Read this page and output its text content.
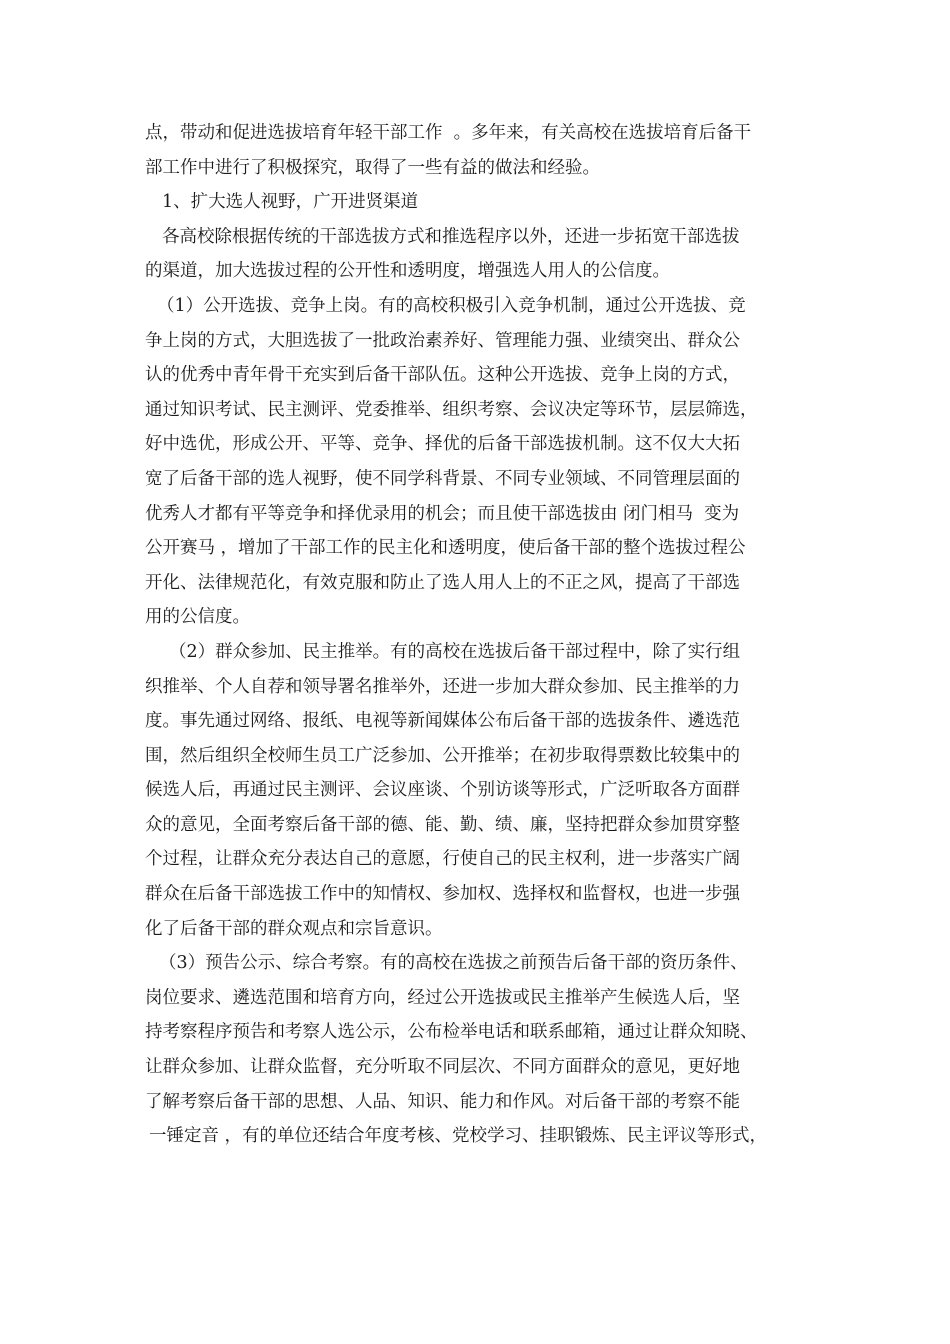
点，带动和促进选拔培育年轻干部工作  。多年来，有关高校在选拔培育后备干
部工作中进行了积极探究，取得了一些有益的做法和经验。
1、扩大选人视野，广开进贤渠道
各高校除根据传统的干部选拔方式和推选程序以外，还进一步拓宽干部选拔
的渠道，加大选拔过程的公开性和透明度，增强选人用人的公信度。
（1）公开选拔、竞争上岗。有的高校积极引入竞争机制，通过公开选拔、竞
争上岗的方式，大胆选拔了一批政治素养好、管理能力强、业绩突出、群众公
认的优秀中青年骨干充实到后备干部队伍。这种公开选拔、竞争上岗的方式，
通过知识考试、民主测评、党委推举、组织考察、会议决定等环节，层层筛选，
好中选优，形成公开、平等、竞争、择优的后备干部选拔机制。这不仅大大拓
宽了后备干部的选人视野，使不同学科背景、不同专业领域、不同管理层面的
优秀人才都有平等竞争和择优录用的机会；而且使干部选拔由 闭门相马  变为
公开赛马 ，增加了干部工作的民主化和透明度，使后备干部的整个选拔过程公
开化、法律规范化，有效克服和防止了选人用人上的不正之风，提高了干部选
用的公信度。
（2）群众参加、民主推举。有的高校在选拔后备干部过程中，除了实行组
织推举、个人自荐和领导署名推举外，还进一步加大群众参加、民主推举的力
度。事先通过网络、报纸、电视等新闻媒体公布后备干部的选拔条件、遴选范
围，然后组织全校师生员工广泛参加、公开推举；在初步取得票数比较集中的
候选人后，再通过民主测评、会议座谈、个别访谈等形式，广泛听取各方面群
众的意见，全面考察后备干部的德、能、勤、绩、廉，坚持把群众参加贯穿整
个过程，让群众充分表达自己的意愿，行使自己的民主权利，进一步落实广阔
群众在后备干部选拔工作中的知情权、参加权、选择权和监督权，也进一步强
化了后备干部的群众观点和宗旨意识。
（3）预告公示、综合考察。有的高校在选拔之前预告后备干部的资历条件、
岗位要求、遴选范围和培育方向，经过公开选拔或民主推举产生候选人后，坚
持考察程序预告和考察人选公示，公布检举电话和联系邮箱，通过让群众知晓、
让群众参加、让群众监督，充分听取不同层次、不同方面群众的意见，更好地
了解考察后备干部的思想、人品、知识、能力和作风。对后备干部的考察不能
一锤定音 ，有的单位还结合年度考核、党校学习、挂职锻炼、民主评议等形式，
